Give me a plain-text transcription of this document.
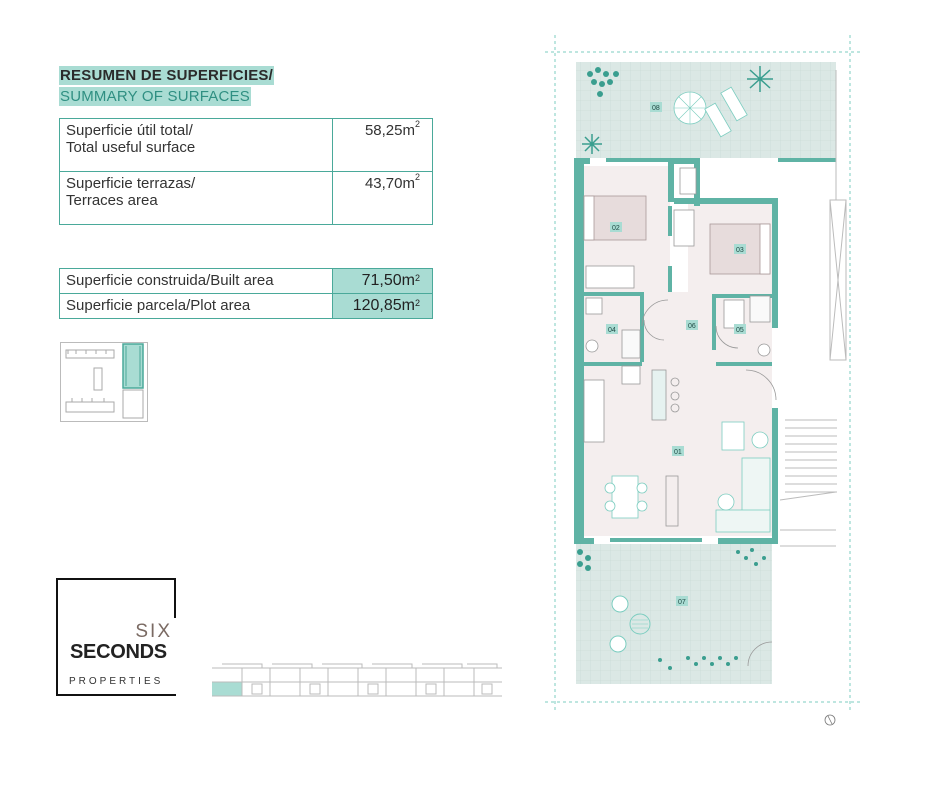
RESUMEN DE SUPERFICIES/
SUMMARY OF SURFACES
Superficie útil total/
Total useful surface	$58,25m^2$

Superficie terrazas/
Terraces area	$43,70m^2$
Superficie construida/Built area	$71,50m^2$
Superficie parcela/Plot area	$120,85m^2$
SIX
SECONDS
PROPERTIES
08
02
03
04
06
05
01
07
